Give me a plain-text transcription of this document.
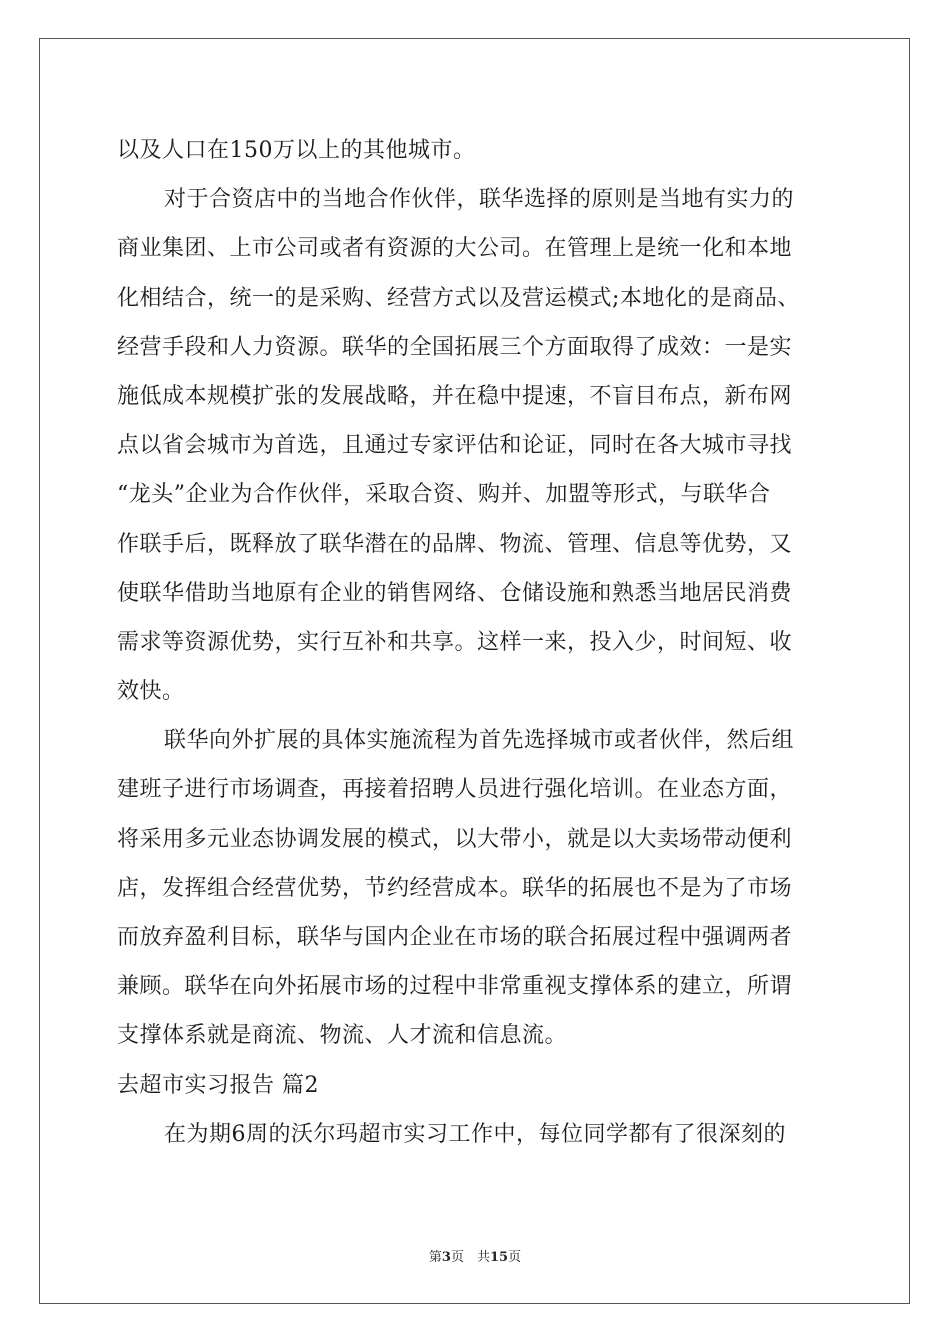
以及人口在150万以上的其他城市。
对于合资店中的当地合作伙伴，联华选择的原则是当地有实力的
商业集团、上市公司或者有资源的大公司。在管理上是统一化和本地
化相结合，统一的是采购、经营方式以及营运模式;本地化的是商品、
经营手段和人力资源。联华的全国拓展三个方面取得了成效：一是实
施低成本规模扩张的发展战略，并在稳中提速，不盲目布点，新布网
点以省会城市为首选，且通过专家评估和论证，同时在各大城市寻找
“龙头”企业为合作伙伴，采取合资、购并、加盟等形式，与联华合
作联手后，既释放了联华潜在的品牌、物流、管理、信息等优势，又
使联华借助当地原有企业的销售网络、仓储设施和熟悉当地居民消费
需求等资源优势，实行互补和共享。这样一来，投入少，时间短、收
效快。
联华向外扩展的具体实施流程为首先选择城市或者伙伴，然后组
建班子进行市场调查，再接着招聘人员进行强化培训。在业态方面，
将采用多元业态协调发展的模式，以大带小，就是以大卖场带动便利
店，发挥组合经营优势，节约经营成本。联华的拓展也不是为了市场
而放弃盈利目标，联华与国内企业在市场的联合拓展过程中强调两者
兼顾。联华在向外拓展市场的过程中非常重视支撑体系的建立，所谓
支撑体系就是商流、物流、人才流和信息流。
去超市实习报告 篇2
在为期6周的沃尔玛超市实习工作中，每位同学都有了很深刻的
第3页　共15页
